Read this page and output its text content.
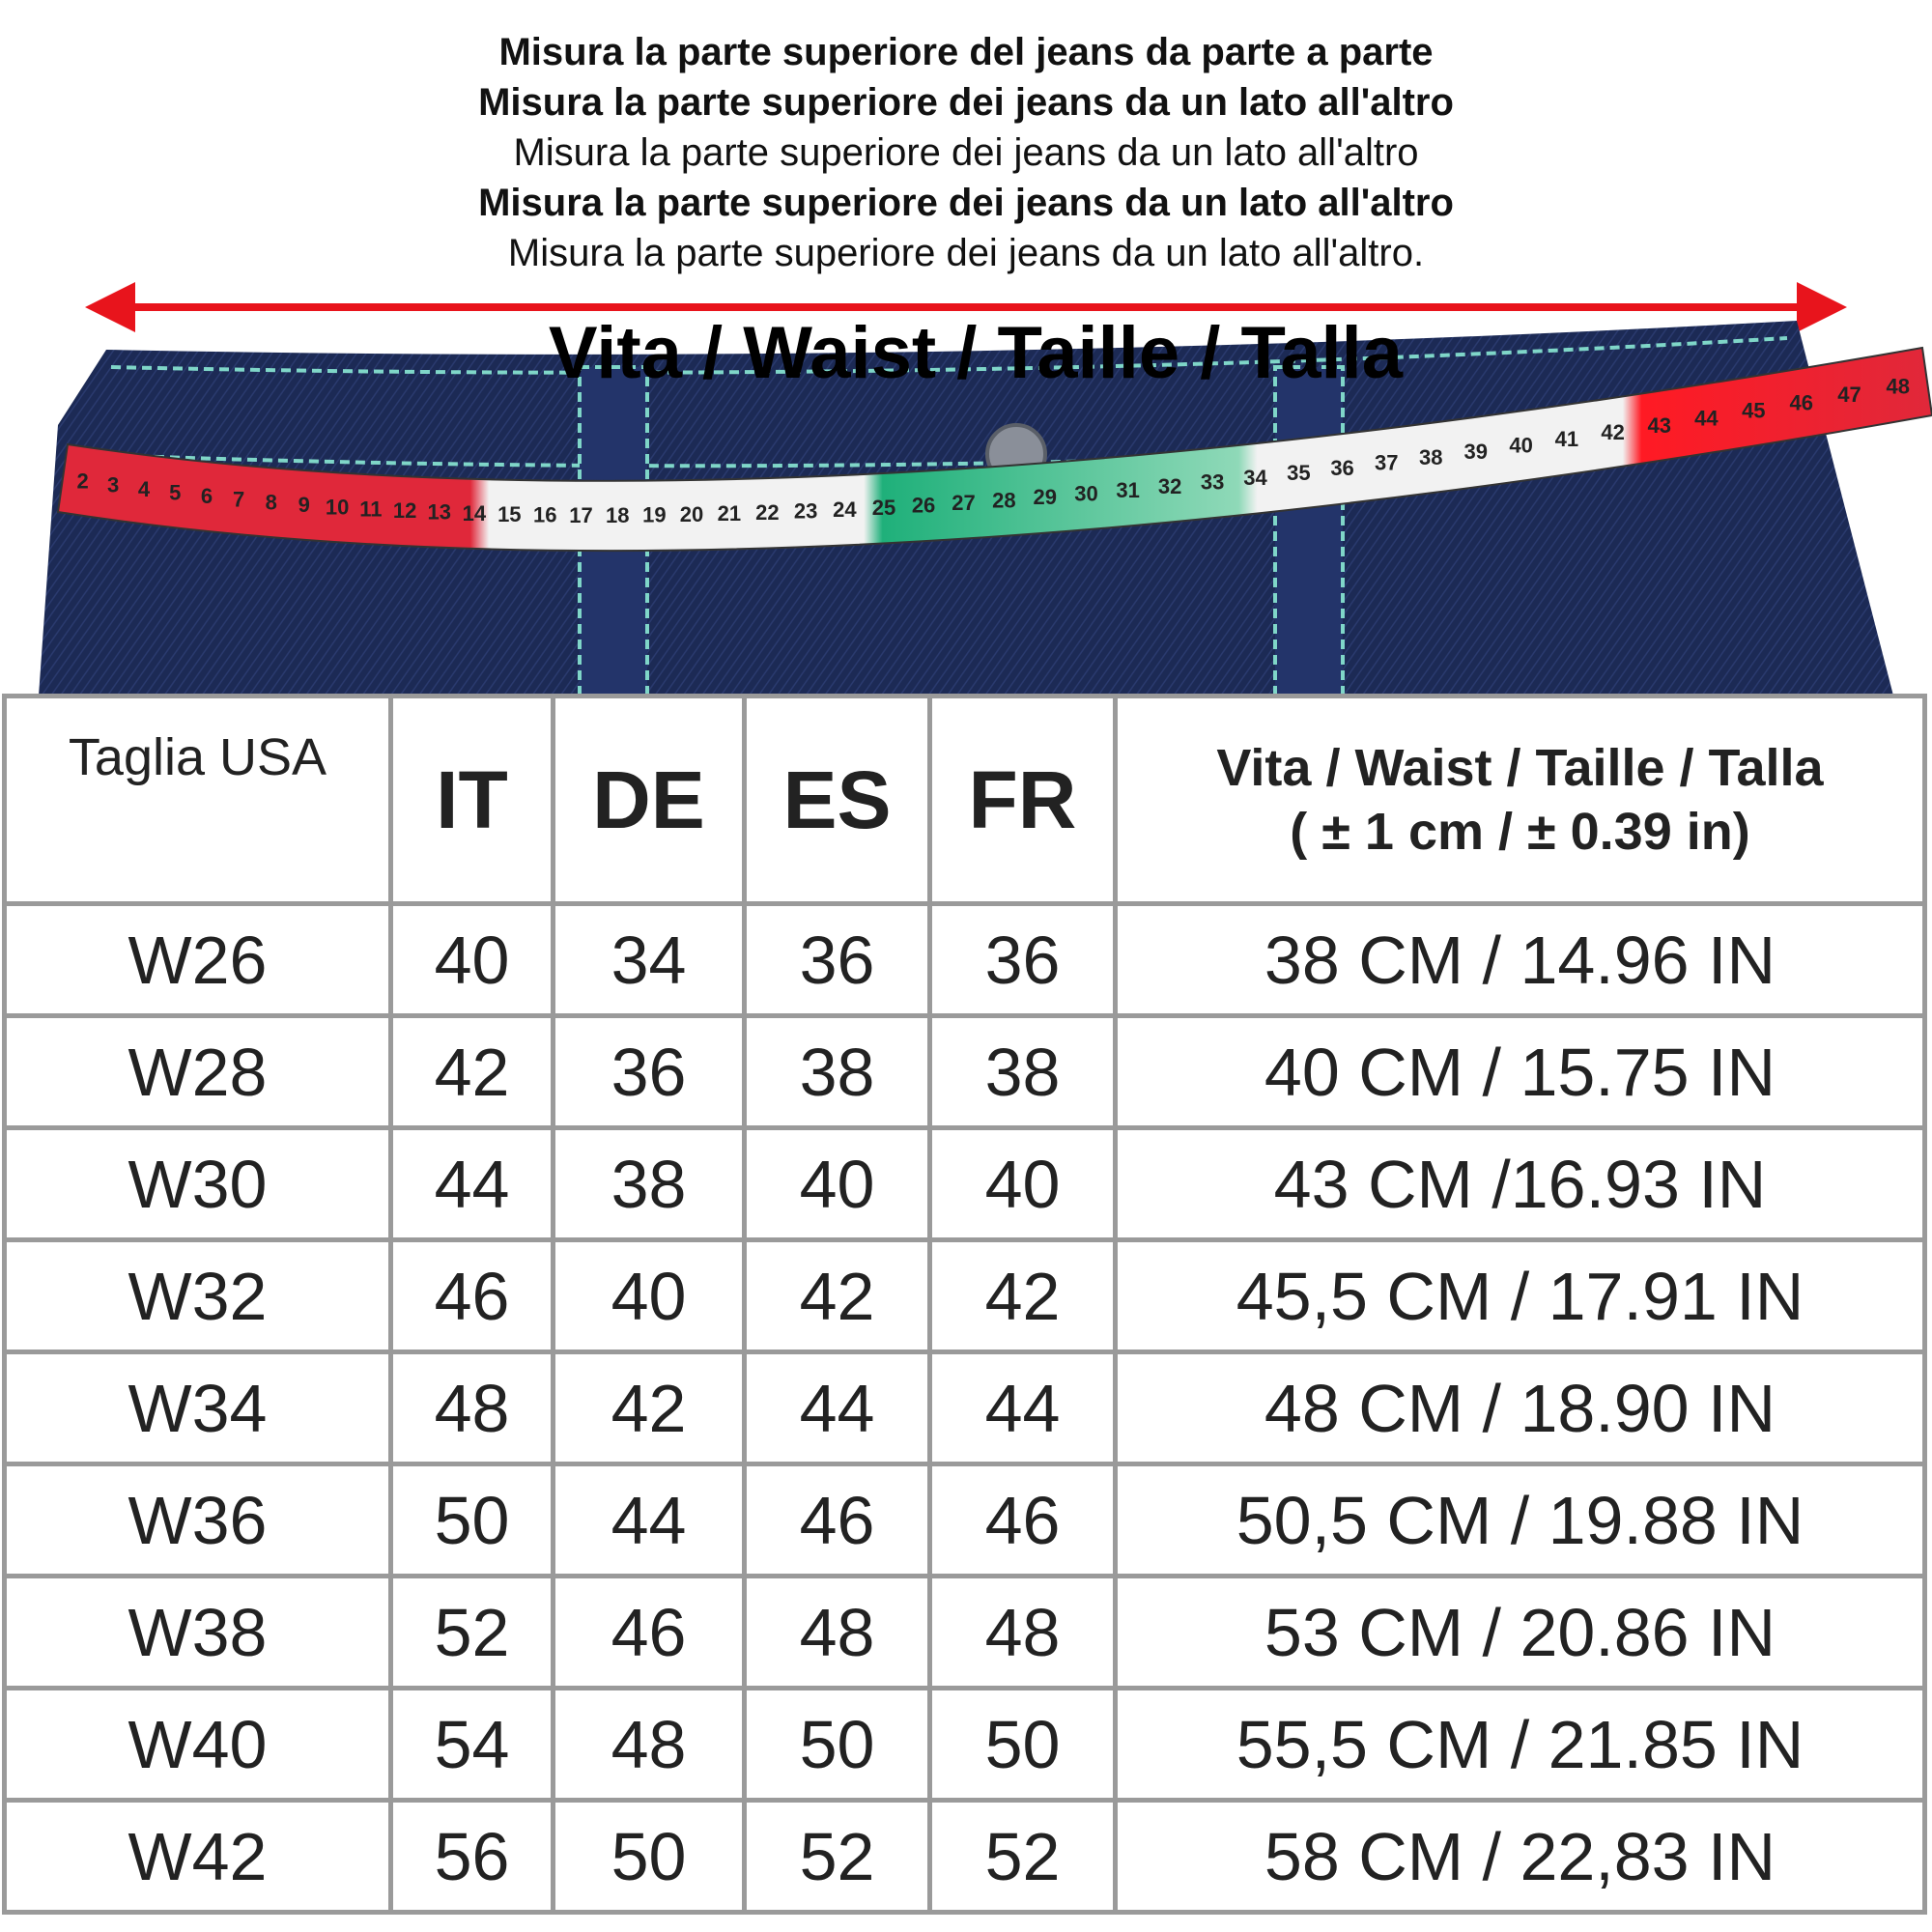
Misura la parte superiore del jeans da parte a parte
Misura la parte superiore dei jeans da un lato all'altro
Misura la parte superiore dei jeans da un lato all'altro
Misura la parte superiore dei jeans da un lato all'altro
Misura la parte superiore dei jeans da un lato all'altro.
Vita / Waist / Taille / Talla
2 3 4 5 6 7 8 9 10 11 12 13 14 15 16 17 18 19 20 21 22 23 24 25 26 27 28 29 30 31 32 33 34 35 36 37 38 39 40 41 42 43 44 45 46 47 48
Taglia USA	IT	DE	ES	FR	Vita / Waist / Taille / Talla
( ± 1 cm / ± 0.39 in)

W26	40	34	36	36	38 CM / 14.96 IN
W28	42	36	38	38	40 CM / 15.75 IN
W30	44	38	40	40	43 CM /16.93 IN
W32	46	40	42	42	45,5 CM / 17.91 IN
W34	48	42	44	44	48 CM / 18.90 IN
W36	50	44	46	46	50,5 CM / 19.88 IN
W38	52	46	48	48	53 CM / 20.86 IN
W40	54	48	50	50	55,5 CM / 21.85 IN
W42	56	50	52	52	58 CM / 22,83 IN
